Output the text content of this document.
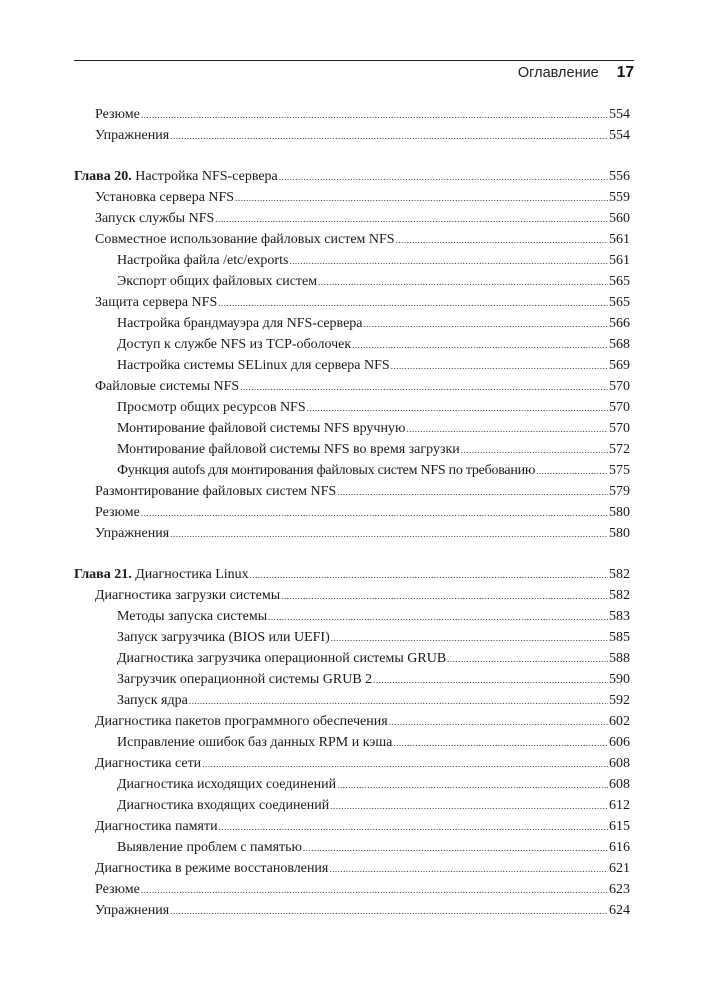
Оглавление 17
Резюме .....	554
Упражнения .....	554
Глава 20. Настройка NFS-сервера .....	556
Установка сервера NFS .....	559
Запуск службы NFS .....	560
Совместное использование файловых систем NFS .....	561
Настройка файла /etc/exports .....	561
Экспорт общих файловых систем .....	565
Защита сервера NFS .....	565
Настройка брандмауэра для NFS-сервера .....	566
Доступ к службе NFS из TCP-оболочек .....	568
Настройка системы SELinux для сервера NFS .....	569
Файловые системы NFS .....	570
Просмотр общих ресурсов NFS .....	570
Монтирование файловой системы NFS вручную .....	570
Монтирование файловой системы NFS во время загрузки .....	572
Функция autofs для монтирования файловых систем NFS по требованию .....	575
Размонтирование файловых систем NFS .....	579
Резюме .....	580
Упражнения .....	580
Глава 21. Диагностика Linux .....	582
Диагностика загрузки системы .....	582
Методы запуска системы .....	583
Запуск загрузчика (BIOS или UEFI) .....	585
Диагностика загрузчика операционной системы GRUB .....	588
Загрузчик операционной системы GRUB 2 .....	590
Запуск ядра .....	592
Диагностика пакетов программного обеспечения .....	602
Исправление ошибок баз данных RPM и кэша .....	606
Диагностика сети .....	608
Диагностика исходящих соединений .....	608
Диагностика входящих соединений .....	612
Диагностика памяти .....	615
Выявление проблем с памятью .....	616
Диагностика в режиме восстановления .....	621
Резюме .....	623
Упражнения .....	624
